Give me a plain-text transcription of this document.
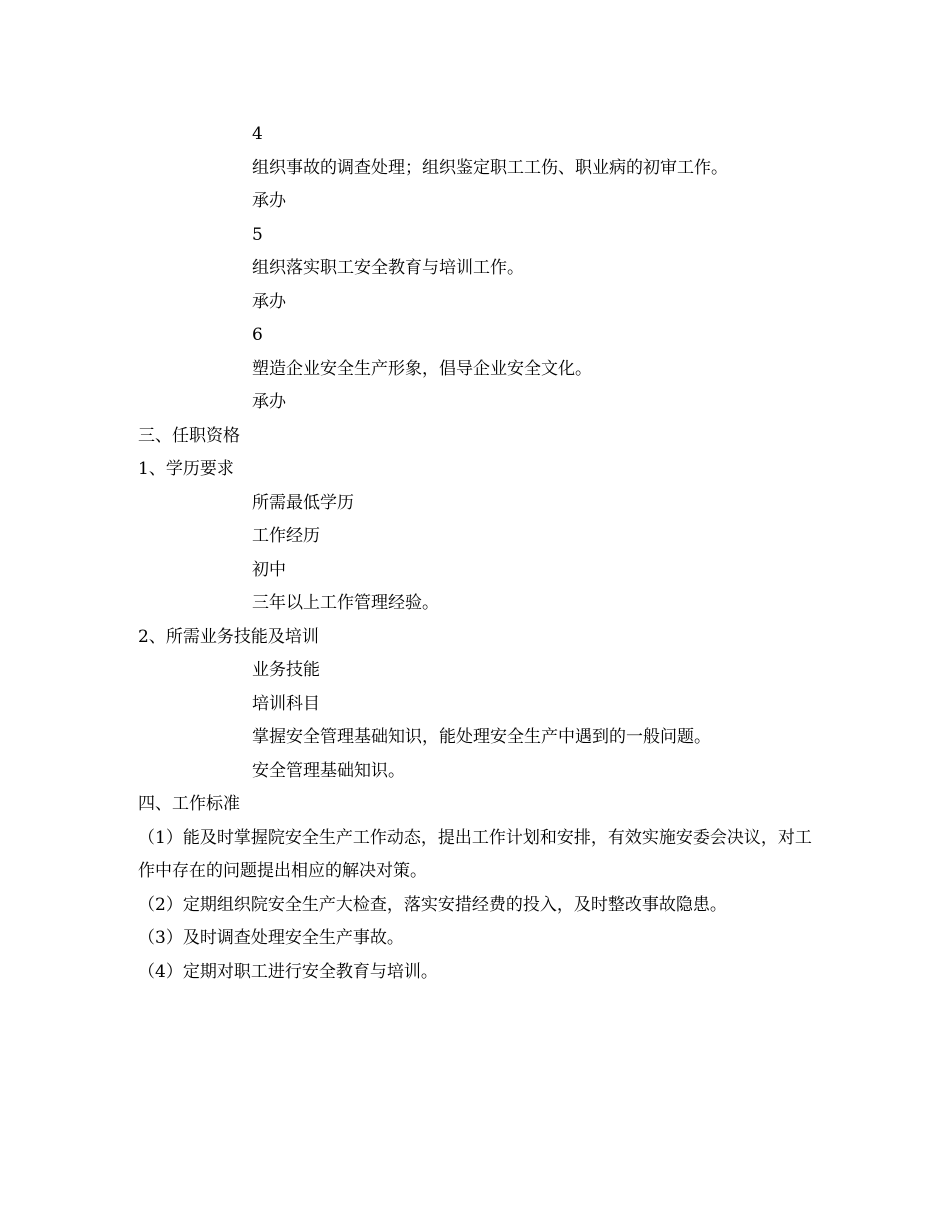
4
组织事故的调查处理；组织鉴定职工工伤、职业病的初审工作。
承办
5
组织落实职工安全教育与培训工作。
承办
6
塑造企业安全生产形象，倡导企业安全文化。
承办
三、任职资格
1、学历要求
所需最低学历
工作经历
初中
三年以上工作管理经验。
2、所需业务技能及培训
业务技能
培训科目
掌握安全管理基础知识，能处理安全生产中遇到的一般问题。
安全管理基础知识。
四、工作标准
（1）能及时掌握院安全生产工作动态，提出工作计划和安排，有效实施安委会决议，对工作中存在的问题提出相应的解决对策。
（2）定期组织院安全生产大检查，落实安措经费的投入，及时整改事故隐患。
（3）及时调查处理安全生产事故。
（4）定期对职工进行安全教育与培训。
